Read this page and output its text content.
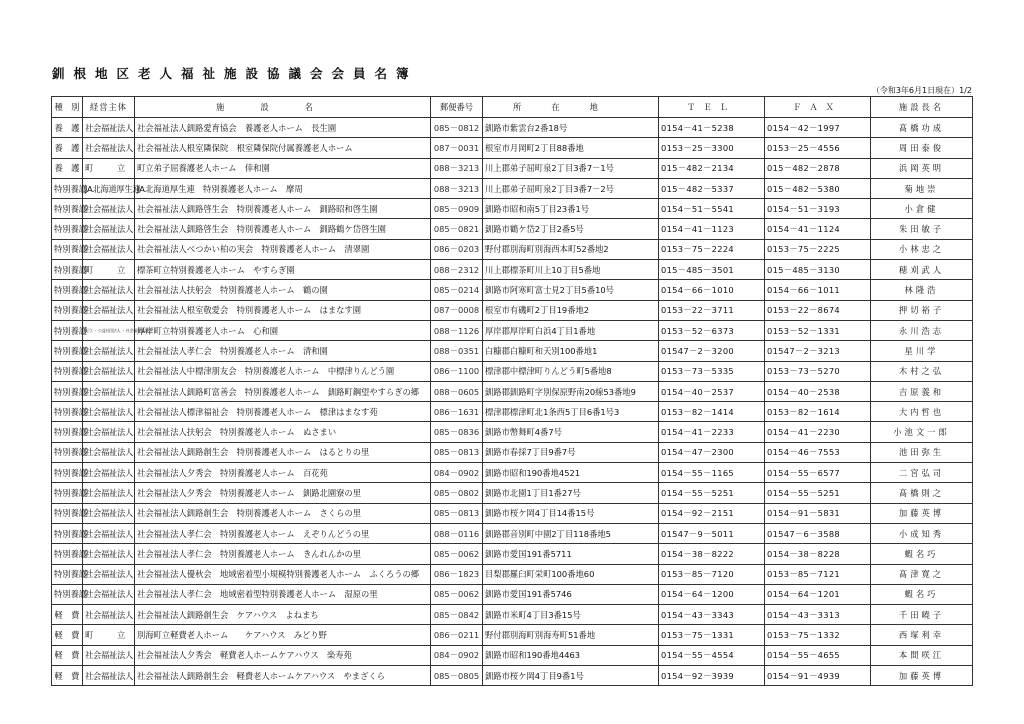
釧根地区老人福祉施設協議会会員名簿
（令和3年6月1日現在）1/2
種　別	経営主体	施設名	郵便番号	所在地	ＴＥＬ	ＦＡＸ	施設長名
養　護	社会福祉法人	社会福祉法人釧路愛育協会　養護老人ホーム　長生園	085－0812	釧路市紫雲台2番18号	0154－41－5238	0154－42－1997	髙橋功成
養　護	社会福祉法人	社会福祉法人根室隣保院　根室隣保院付属養護老人ホーム	087－0031	根室市月岡町2丁目88番地	0153－25－3300	0153－25－4556	周田泰俊
養　護	町　　　立	町立弟子屈養護老人ホーム　倖和園	088－3213	川上郡弟子屈町泉2丁目3番7－1号	015－482－2134	015－482－2878	浜岡英明
特別養護	JA北海道厚生連	JA北海道厚生連　特別養護老人ホーム　摩周	088－3213	川上郡弟子屈町泉2丁目3番7－2号	015－482－5337	015－482－5380	菊地崇
特別養護	社会福祉法人	社会福祉法人釧路啓生会　特別養護老人ホーム　釧路昭和啓生園	085－0909	釧路市昭和南5丁目23番1号	0154－51－5541	0154－51－3193	小倉健
特別養護	社会福祉法人	社会福祉法人釧路啓生会　特別養護老人ホーム　釧路鶴ケ岱啓生園	085－0821	釧路市鶴ケ岱2丁目2番5号	0154－41－1123	0154－41－1124	朱田敏子
特別養護	社会福祉法人	社会福祉法人べつかい柏の実会　特別養護老人ホーム　清翠園	086－0203	野付郡別海町別海西本町52番地2	0153－75－2224	0153－75－2225	小林忠之
特別養護	町　　　立	標茶町立特別養護老人ホーム　やすらぎ園	088－2312	川上郡標茶町川上10丁目5番地	015－485－3501	015－485－3130	穂刈武人
特別養護	社会福祉法人	社会福祉法人扶躬会　特別養護老人ホーム　鶴の園	085－0214	釧路市阿寒町富士見2丁目5番10号	0154－66－1010	0154－66－1011	林隆浩
特別養護	社会福祉法人	社会福祉法人根室敬愛会　特別養護老人ホーム　はまなす園	087－0008	根室市有磯町2丁目19番地2	0153－22－3711	0153－22－8674	押切裕子
特別養護	町立 ・ 公益社団法人 ・ 社会福祉協議会	厚岸町立特別養護老人ホーム　心和園	088－1126	厚岸郡厚岸町白浜4丁目1番地	0153－52－6373	0153－52－1331	永川浩志
特別養護	社会福祉法人	社会福祉法人孝仁会　特別養護老人ホーム　清和園	088－0351	白糠郡白糠町和天別100番地1	01547－2－3200	01547－2－3213	星川学
特別養護	社会福祉法人	社会福祉法人中標津朋友会　特別養護老人ホーム　中標津りんどう園	086－1100	標津郡中標津町りんどう町5番地8	0153－73－5335	0153－73－5270	木村之弘
特別養護	社会福祉法人	社会福祉法人釧路町富善会　特別養護老人ホーム　釧路町鋼望やすらぎの郷	088－0605	釧路郡釧路町字別保原野南20線53番地9	0154－40－2537	0154－40－2538	吉原義和
特別養護	社会福祉法人	社会福祉法人標津福祉会　特別養護老人ホーム　標津はまなす苑	086－1631	標津郡標津町北1条西5丁目6番1号3	0153－82－1414	0153－82－1614	大内哲也
特別養護	社会福祉法人	社会福祉法人扶躬会　特別養護老人ホーム　ぬさまい	085－0836	釧路市幣舞町4番7号	0154－41－2233	0154－41－2230	小池文一郎
特別養護	社会福祉法人	社会福祉法人釧路創生会　特別養護老人ホーム　はるとりの里	085－0813	釧路市春採7丁目9番7号	0154－47－2300	0154－46－7553	池田弥生
特別養護	社会福祉法人	社会福祉法人夕秀会　特別養護老人ホーム　百花苑	084－0902	釧路市昭和190番地4521	0154－55－1165	0154－55－6577	二宮弘司
特別養護	社会福祉法人	社会福祉法人夕秀会　特別養護老人ホーム　釧路北園寮の里	085－0802	釧路市北園1丁目1番27号	0154－55－5251	0154－55－5251	髙橋則之
特別養護	社会福祉法人	社会福祉法人釧路創生会　特別養護老人ホーム　さくらの里	085－0813	釧路市桜ケ岡4丁目14番15号	0154－92－2151	0154－91－5831	加藤英博
特別養護	社会福祉法人	社会福祉法人孝仁会　特別養護老人ホーム　えぞりんどうの里	088－0116	釧路郡音別町中園2丁目118番地5	01547－9－5011	01547－6－3588	小成知秀
特別養護	社会福祉法人	社会福祉法人孝仁会　特別養護老人ホーム　きんれんかの里	085－0062	釧路市愛国191番5711	0154－38－8222	0154－38－8228	蝦名巧
特別養護	社会福祉法人	社会福祉法人優秋会　地域密着型小規模特別養護老人ホーム　ふくろうの郷	086－1823	目梨郡羅臼町栄町100番地60	0153－85－7120	0153－85－7121	髙津寛之
特別養護	社会福祉法人	社会福祉法人孝仁会　地域密着型特別養護老人ホーム　湿原の里	085－0062	釧路市愛国191番5746	0154－64－1200	0154－64－1201	蝦名巧
軽　費	社会福祉法人	社会福祉法人釧路創生会　ケアハウス　よねまち	085－0842	釧路市米町4丁目3番15号	0154－43－3343	0154－43－3313	千田曉子
軽　費	町　　　立	別海町立軽費老人ホーム　　ケアハウス　みどり野	086－0211	野付郡別海町別海寿町51番地	0153－75－1331	0153－75－1332	西塚利幸
軽　費	社会福祉法人	社会福祉法人夕秀会　軽費老人ホームケアハウス　楽寿苑	084－0902	釧路市昭和190番地4463	0154－55－4554	0154－55－4655	本間咲江
軽　費	社会福祉法人	社会福祉法人釧路創生会　軽費老人ホームケアハウス　やまざくら	085－0805	釧路市桜ケ岡4丁目9番1号	0154－92－3939	0154－91－4939	加藤英博
